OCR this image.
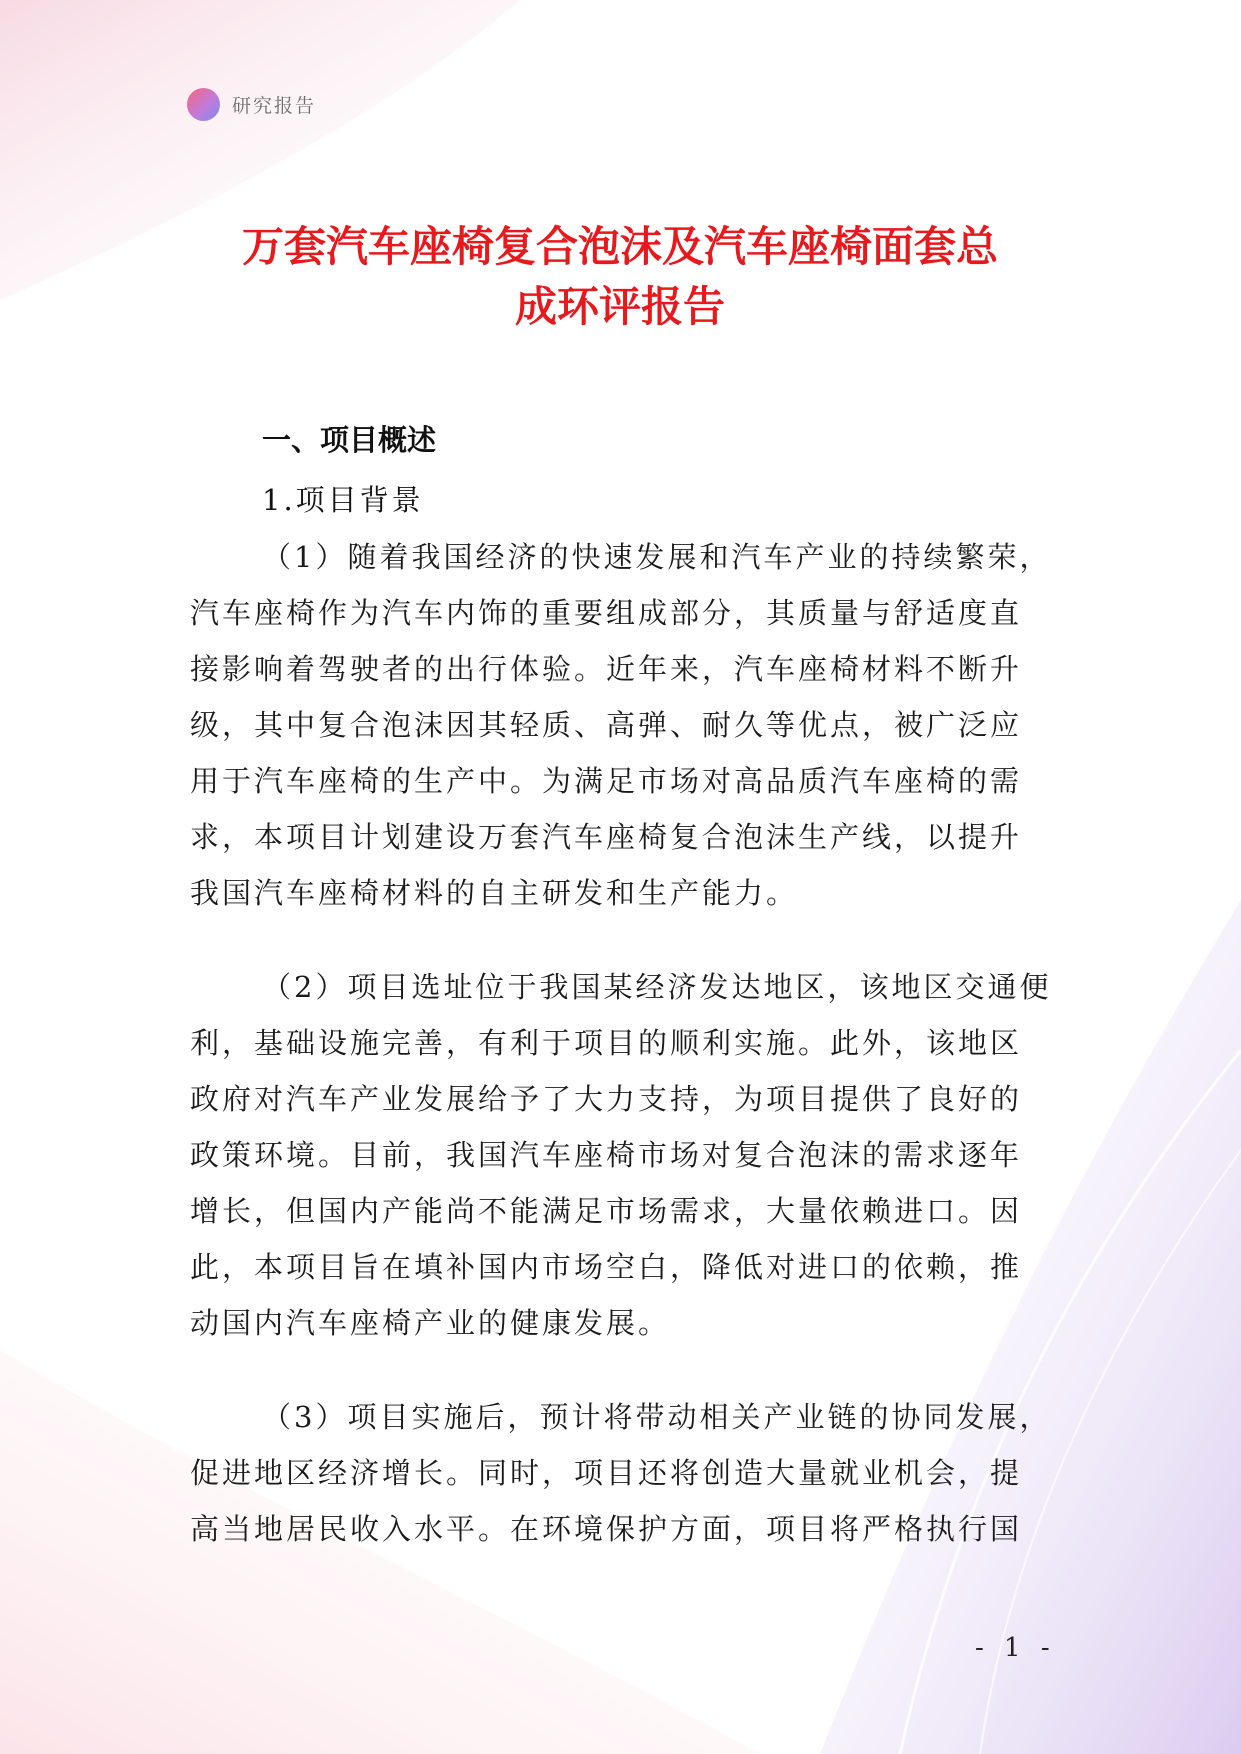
研究报告
万套汽车座椅复合泡沫及汽车座椅面套总
成环评报告
一、项目概述
1.项目背景
（1）随着我国经济的快速发展和汽车产业的持续繁荣，
汽车座椅作为汽车内饰的重要组成部分，其质量与舒适度直
接影响着驾驶者的出行体验。近年来，汽车座椅材料不断升
级，其中复合泡沫因其轻质、高弹、耐久等优点，被广泛应
用于汽车座椅的生产中。为满足市场对高品质汽车座椅的需
求，本项目计划建设万套汽车座椅复合泡沫生产线，以提升
我国汽车座椅材料的自主研发和生产能力。
（2）项目选址位于我国某经济发达地区，该地区交通便
利，基础设施完善，有利于项目的顺利实施。此外，该地区
政府对汽车产业发展给予了大力支持，为项目提供了良好的
政策环境。目前，我国汽车座椅市场对复合泡沫的需求逐年
增长，但国内产能尚不能满足市场需求，大量依赖进口。因
此，本项目旨在填补国内市场空白，降低对进口的依赖，推
动国内汽车座椅产业的健康发展。
（3）项目实施后，预计将带动相关产业链的协同发展，
促进地区经济增长。同时，项目还将创造大量就业机会，提
高当地居民收入水平。在环境保护方面，项目将严格执行国
- 1 -
